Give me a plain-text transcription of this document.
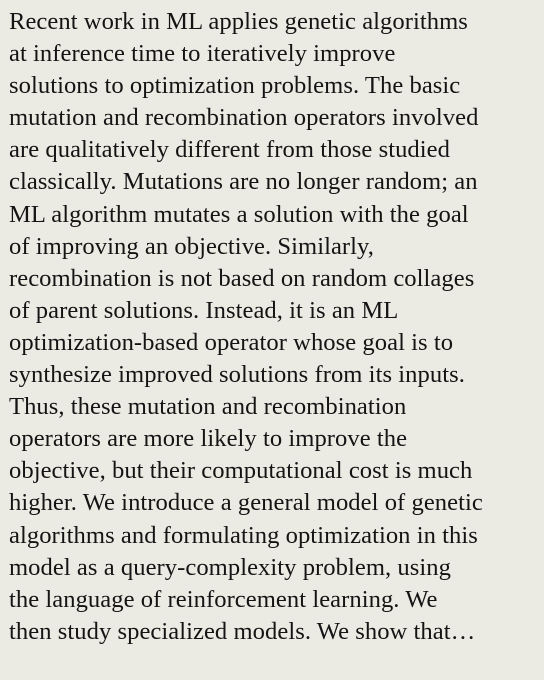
Recent work in ML applies genetic algorithms
at inference time to iteratively improve
solutions to optimization problems. The basic
mutation and recombination operators involved
are qualitatively different from those studied
classically. Mutations are no longer random; an
ML algorithm mutates a solution with the goal
of improving an objective. Similarly,
recombination is not based on random collages
of parent solutions. Instead, it is an ML
optimization-based operator whose goal is to
synthesize improved solutions from its inputs.
Thus, these mutation and recombination
operators are more likely to improve the
objective, but their computational cost is much
higher. We introduce a general model of genetic
algorithms and formulating optimization in this
model as a query-complexity problem, using
the language of reinforcement learning. We
then study specialized models. We show that…
